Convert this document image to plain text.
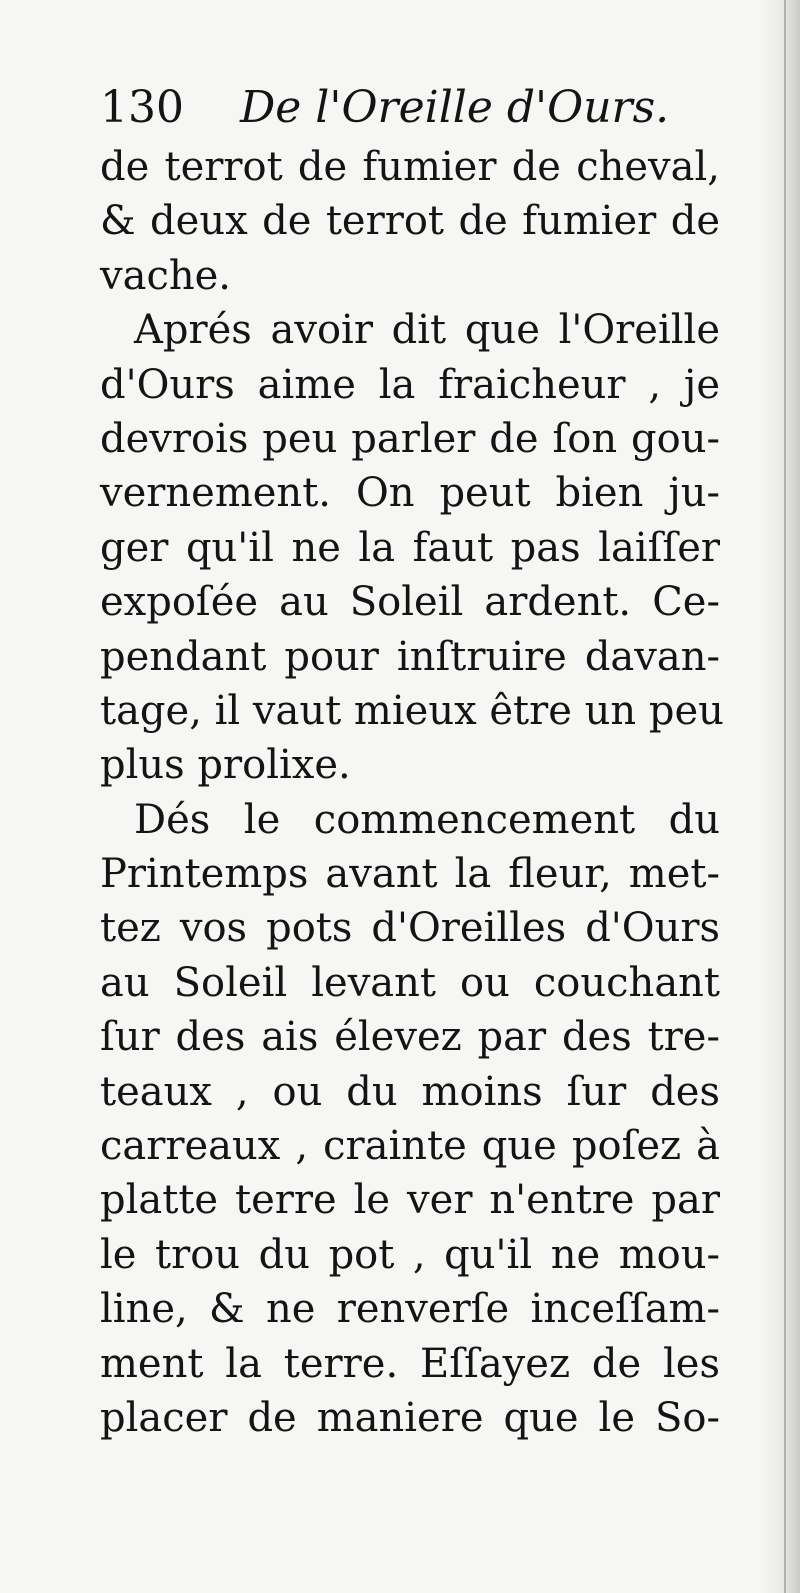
130 De l'Oreille d'Ours.
de terrot de fumier de cheval,
& deux de terrot de fumier de
vache.
Aprés avoir dit que l'Oreille
d'Ours aime la fraicheur , je
devrois peu parler de ſon gou-
vernement. On peut bien ju-
ger qu'il ne la faut pas laiſſer
expoſée au Soleil ardent. Ce-
pendant pour inſtruire davan-
tage, il vaut mieux être un peu
plus prolixe.
Dés le commencement du
Printemps avant la fleur, met-
tez vos pots d'Oreilles d'Ours
au Soleil levant ou couchant
ſur des ais élevez par des tre-
teaux , ou du moins ſur des
carreaux , crainte que poſez à
platte terre le ver n'entre par
le trou du pot , qu'il ne mou-
line, & ne renverſe inceſſam-
ment la terre. Eſſayez de les
placer de maniere que le So-
